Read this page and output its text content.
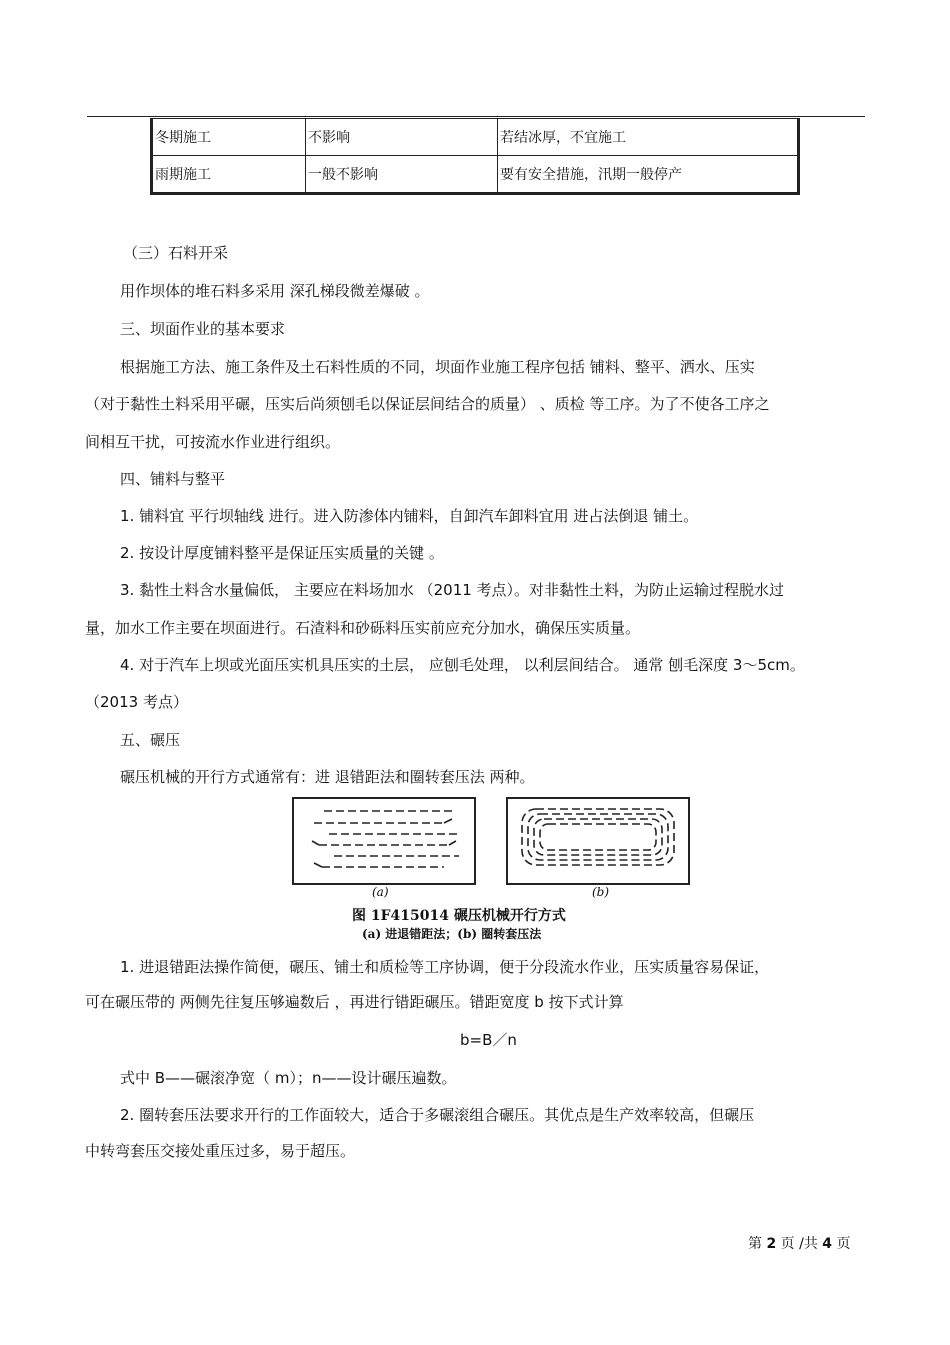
冬期施工	不影响	若结冰厚，不宜施工
雨期施工	一般不影响	要有安全措施，汛期一般停产
（三）石料开采
用作坝体的堆石料多采用 深孔梯段微差爆破 。
三、坝面作业的基本要求
根据施工方法、施工条件及土石料性质的不同，坝面作业施工程序包括 铺料、整平、洒水、压实
（对于黏性土料采用平碾，压实后尚须刨毛以保证层间结合的质量） 、质检 等工序。为了不使各工序之
间相互干扰，可按流水作业进行组织。
四、铺料与整平
1. 铺料宜 平行坝轴线 进行。进入防渗体内铺料，自卸汽车卸料宜用 进占法倒退 铺土。
2. 按设计厚度铺料整平是保证压实质量的关键 。
3. 黏性土料含水量偏低， 主要应在料场加水 （2011 考点）。对非黏性土料，为防止运输过程脱水过
量，加水工作主要在坝面进行。石渣料和砂砾料压实前应充分加水，确保压实质量。
4. 对于汽车上坝或光面压实机具压实的土层， 应刨毛处理， 以利层间结合。 通常 刨毛深度 3～5cm。
（2013 考点）
五、碾压
碾压机械的开行方式通常有：进 退错距法和圈转套压法 两种。
(a)	(b)
图 1F415014 碾压机械开行方式
(a) 进退错距法；(b) 圈转套压法
1. 进退错距法操作简便，碾压、铺土和质检等工序协调，便于分段流水作业，压实质量容易保证，
可在碾压带的 两侧先往复压够遍数后 ，再进行错距碾压。错距宽度 b 按下式计算
b=B／n
式中 B——碾滚净宽（ m）；n——设计碾压遍数。
2. 圈转套压法要求开行的工作面较大，适合于多碾滚组合碾压。其优点是生产效率较高，但碾压
中转弯套压交接处重压过多，易于超压。
第 2 页 /共 4 页
